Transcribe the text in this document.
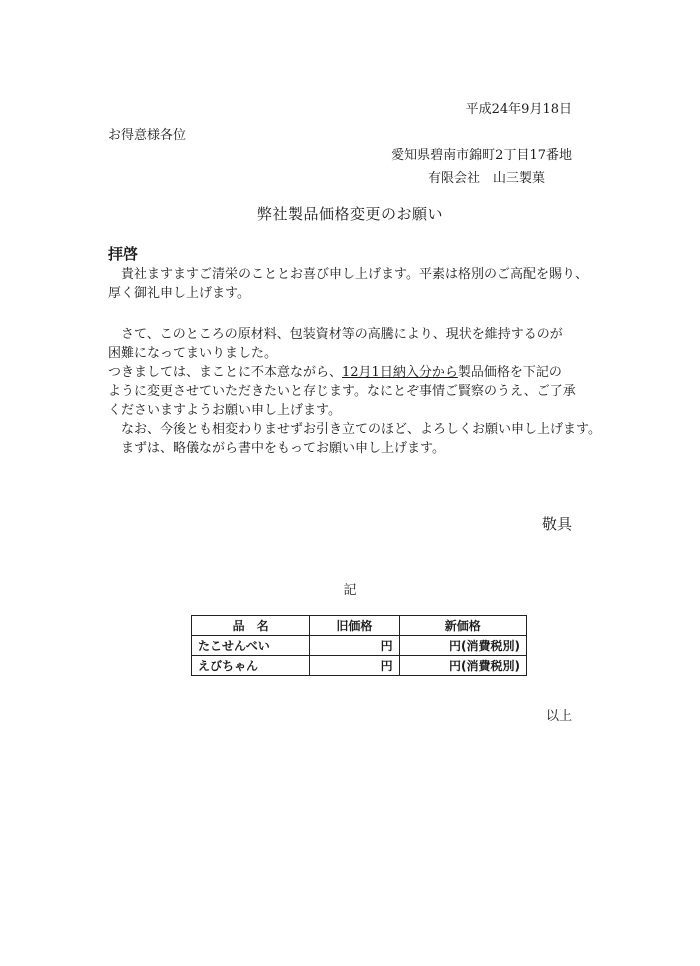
平成24年9月18日
お得意様各位
愛知県碧南市錦町2丁目17番地
有限会社　山三製菓
弊社製品価格変更のお願い
拝啓
　貴社ますますご清栄のこととお喜び申し上げます。平素は格別のご高配を賜り、
厚く御礼申し上げます。
　さて、このところの原材料、包装資材等の高騰により、現状を維持するのが
困難になってまいりました。
つきましては、まことに不本意ながら、12月1日納入分から製品価格を下記の
ように変更させていただきたいと存じます。なにとぞ事情ご賢察のうえ、ご了承
くださいますようお願い申し上げます。
　なお、今後とも相変わりませずお引き立てのほど、よろしくお願い申し上げます。
　まずは、略儀ながら書中をもってお願い申し上げます。
敬具
記
品　名	旧価格	新価格
たこせんべい	円	円(消費税別)
えびちゃん	円	円(消費税別)
以上
